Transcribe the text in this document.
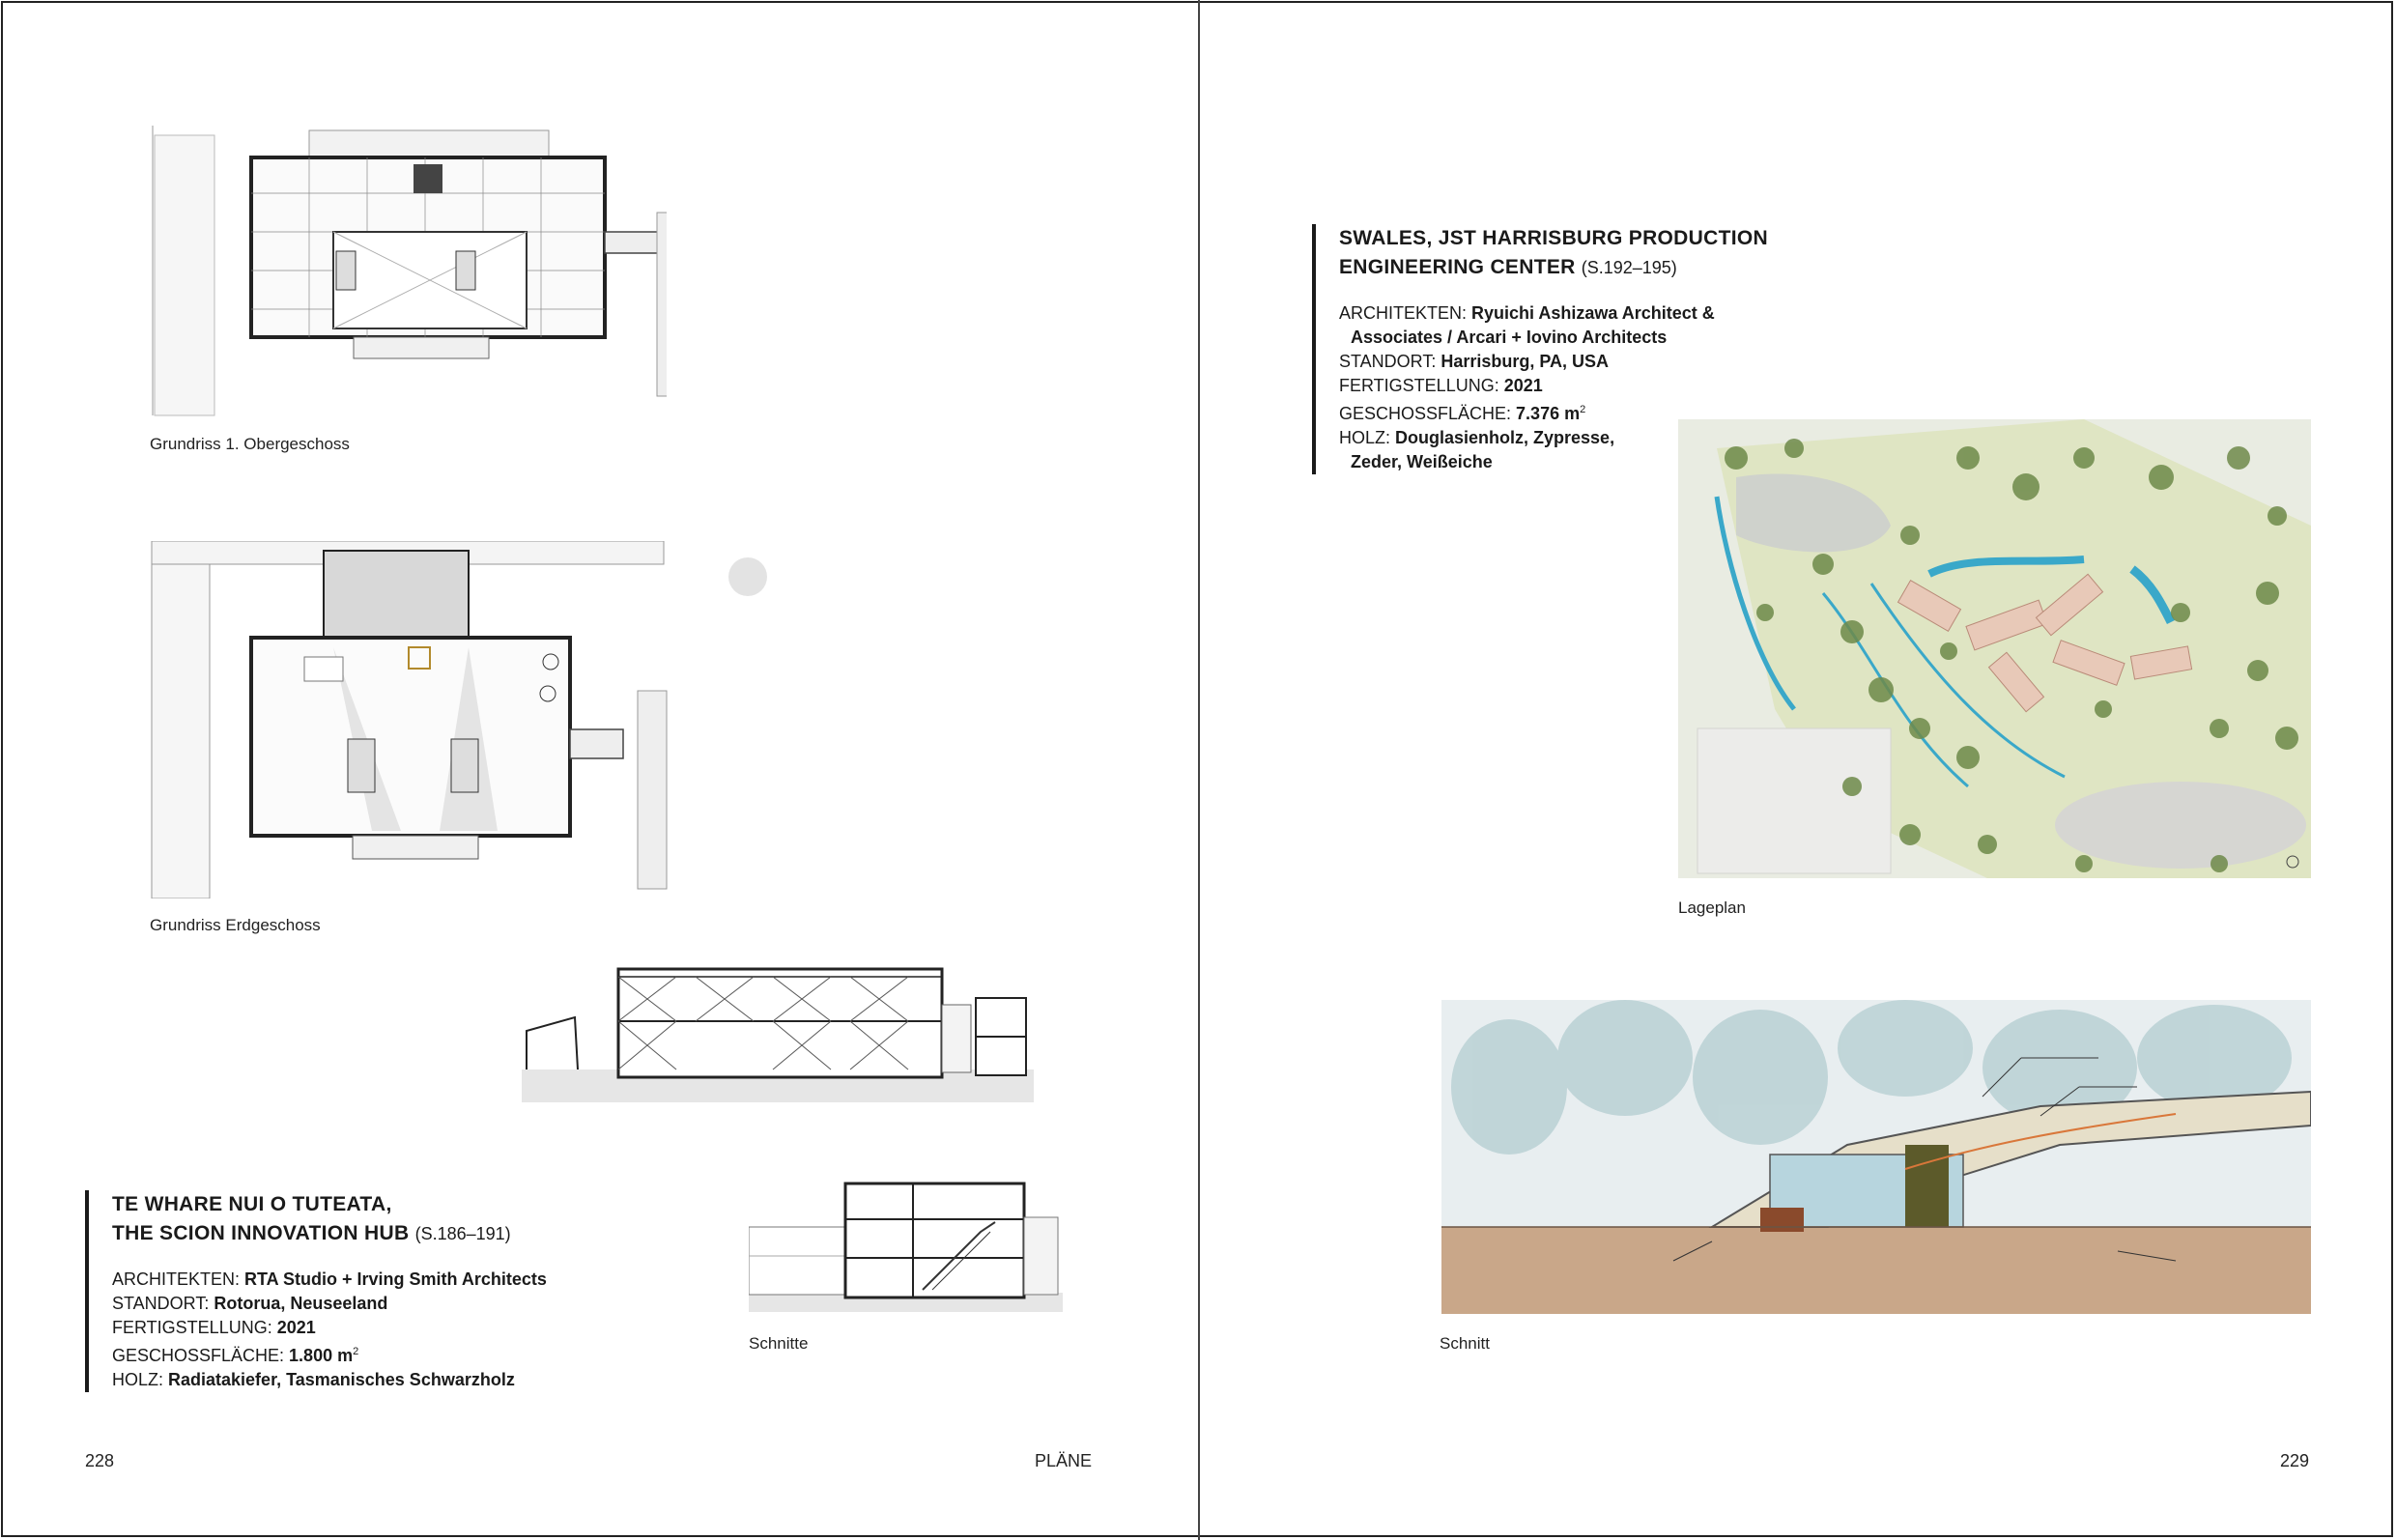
Grundriss 1. Obergeschoss
Grundriss Erdgeschoss
TE WHARE NUI O TUTEATA,
THE SCION INNOVATION HUB (S.186–191)
ARCHITEKTEN: RTA Studio + Irving Smith Architects
STANDORT: Rotorua, Neuseeland
FERTIGSTELLUNG: 2021
GESCHOSSFLÄCHE: 1.800 $m^2$
HOLZ: Radiatakiefer, Tasmanisches Schwarzholz
Schnitte
228	PLÄNE
SWALES, JST HARRISBURG PRODUCTION
ENGINEERING CENTER (S.192–195)
ARCHITEKTEN: Ryuichi Ashizawa Architect &
Associates / Arcari + Iovino Architects
STANDORT: Harrisburg, PA, USA
FERTIGSTELLUNG: 2021
GESCHOSSFLÄCHE: 7.376 $m^2$
HOLZ: Douglasienholz, Zypresse,
Zeder, Weißeiche
Lageplan
Schnitt
229
